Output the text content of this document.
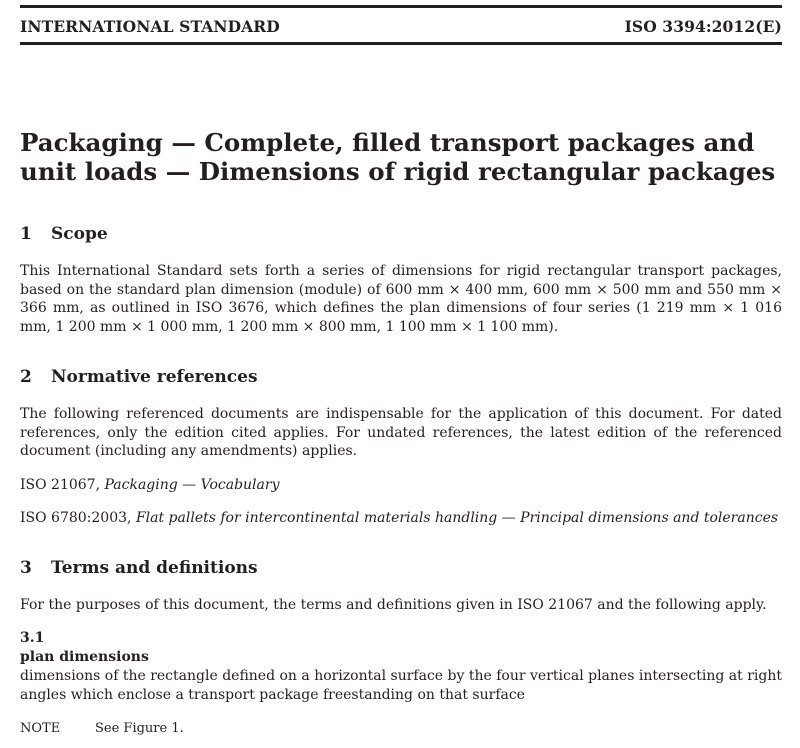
INTERNATIONAL STANDARD	ISO 3394:2012(E)
Packaging — Complete, filled transport packages and unit loads — Dimensions of rigid rectangular packages
1 Scope

This International Standard sets forth a series of dimensions for rigid rectangular transport packages, based on the standard plan dimension (module) of 600 mm × 400 mm, 600 mm × 500 mm and 550 mm × 366 mm, as outlined in ISO 3676, which defines the plan dimensions of four series (1 219 mm × 1 016 mm, 1 200 mm × 1 000 mm, 1 200 mm × 800 mm, 1 100 mm × 1 100 mm).

2 Normative references

The following referenced documents are indispensable for the application of this document. For dated references, only the edition cited applies. For undated references, the latest edition of the referenced document (including any amendments) applies.

ISO 21067, Packaging — Vocabulary

ISO 6780:2003, Flat pallets for intercontinental materials handling — Principal dimensions and tolerances

3 Terms and definitions

For the purposes of this document, the terms and definitions given in ISO 21067 and the following apply.

3.1

plan dimensions

dimensions of the rectangle defined on a horizontal surface by the four vertical planes intersecting at right angles which enclose a transport package freestanding on that surface

NOTE	See Figure 1.
